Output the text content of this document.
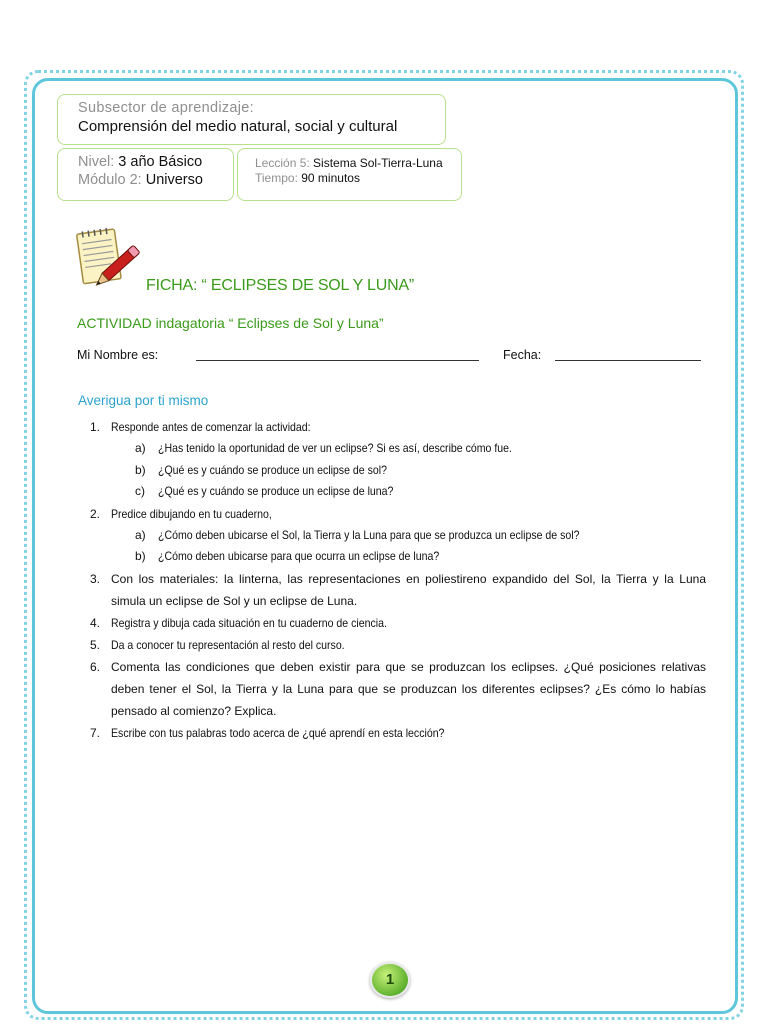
Subsector de aprendizaje:
Comprensión del medio natural, social y cultural
Nivel: 3 año Básico
Módulo 2: Universo
Lección 5: Sistema Sol-Tierra-Luna
Tiempo: 90 minutos
FICHA: “ ECLIPSES DE SOL Y LUNA”
ACTIVIDAD indagatoria “ Eclipses de Sol y Luna”
Mi Nombre es:	Fecha:
Averigua por ti mismo
1. Responde antes de comenzar la actividad:
a) ¿Has tenido la oportunidad de ver un eclipse? Si es así, describe cómo fue.
b) ¿Qué es y cuándo se produce un eclipse de sol?
c) ¿Qué es y cuándo se produce un eclipse de luna?
2. Predice dibujando en tu cuaderno,
a) ¿Cómo deben ubicarse el Sol, la Tierra y la Luna para que se produzca un eclipse de sol?
b) ¿Cómo deben ubicarse para que ocurra un eclipse de luna?
3. Con los materiales: la linterna, las representaciones en poliestireno expandido del Sol, la Tierra y la Luna simula un eclipse de Sol y un eclipse de Luna.
4. Registra y dibuja cada situación en tu cuaderno de ciencia.
5. Da a conocer tu representación al resto del curso.
6. Comenta las condiciones que deben existir para que se produzcan los eclipses. ¿Qué posiciones relativas deben tener el Sol, la Tierra y la Luna para que se produzcan los diferentes eclipses? ¿Es cómo lo habías pensado al comienzo? Explica.
7. Escribe con tus palabras todo acerca de ¿qué aprendí en esta lección?
1
